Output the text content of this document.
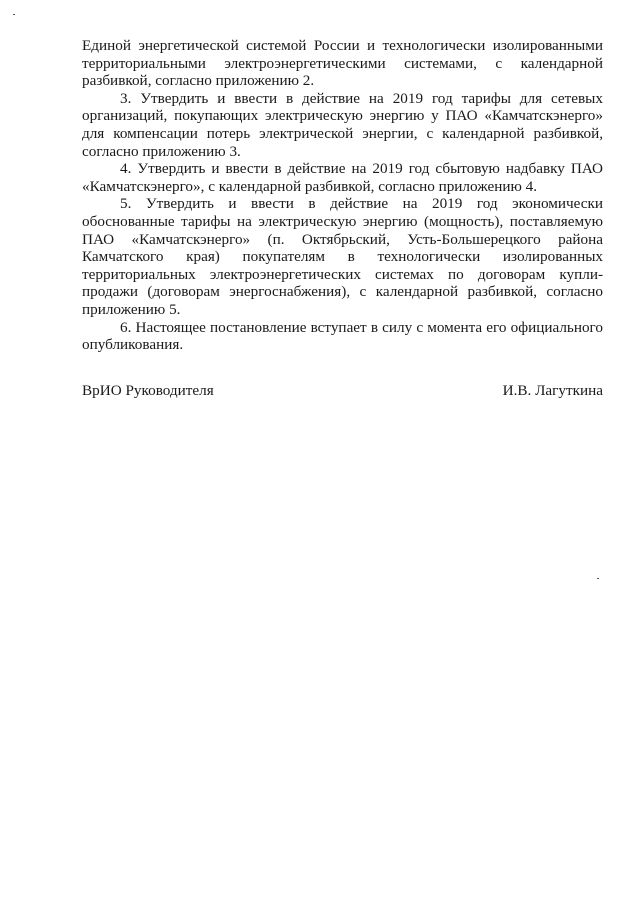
Единой энергетической системой России и технологически изолированными территориальными электроэнергетическими системами, с календарной разбивкой, согласно приложению 2.

3. Утвердить и ввести в действие на 2019 год тарифы для сетевых организаций, покупающих электрическую энергию у ПАО «Камчатскэнерго» для компенсации потерь электрической энергии, с календарной разбивкой, согласно приложению 3.

4. Утвердить и ввести в действие на 2019 год сбытовую надбавку ПАО «Камчатскэнерго», с календарной разбивкой, согласно приложению 4.

5. Утвердить и ввести в действие на 2019 год экономически обоснованные тарифы на электрическую энергию (мощность), поставляемую ПАО «Камчатскэнерго» (п. Октябрьский, Усть-Большерецкого района Камчатского края) покупателям в технологически изолированных территориальных электроэнергетических системах по договорам купли-продажи (договорам энергоснабжения), с календарной разбивкой, согласно приложению 5.

6. Настоящее постановление вступает в силу с момента его официального опубликования.

ВрИО Руководителя	И.В. Лагуткина
